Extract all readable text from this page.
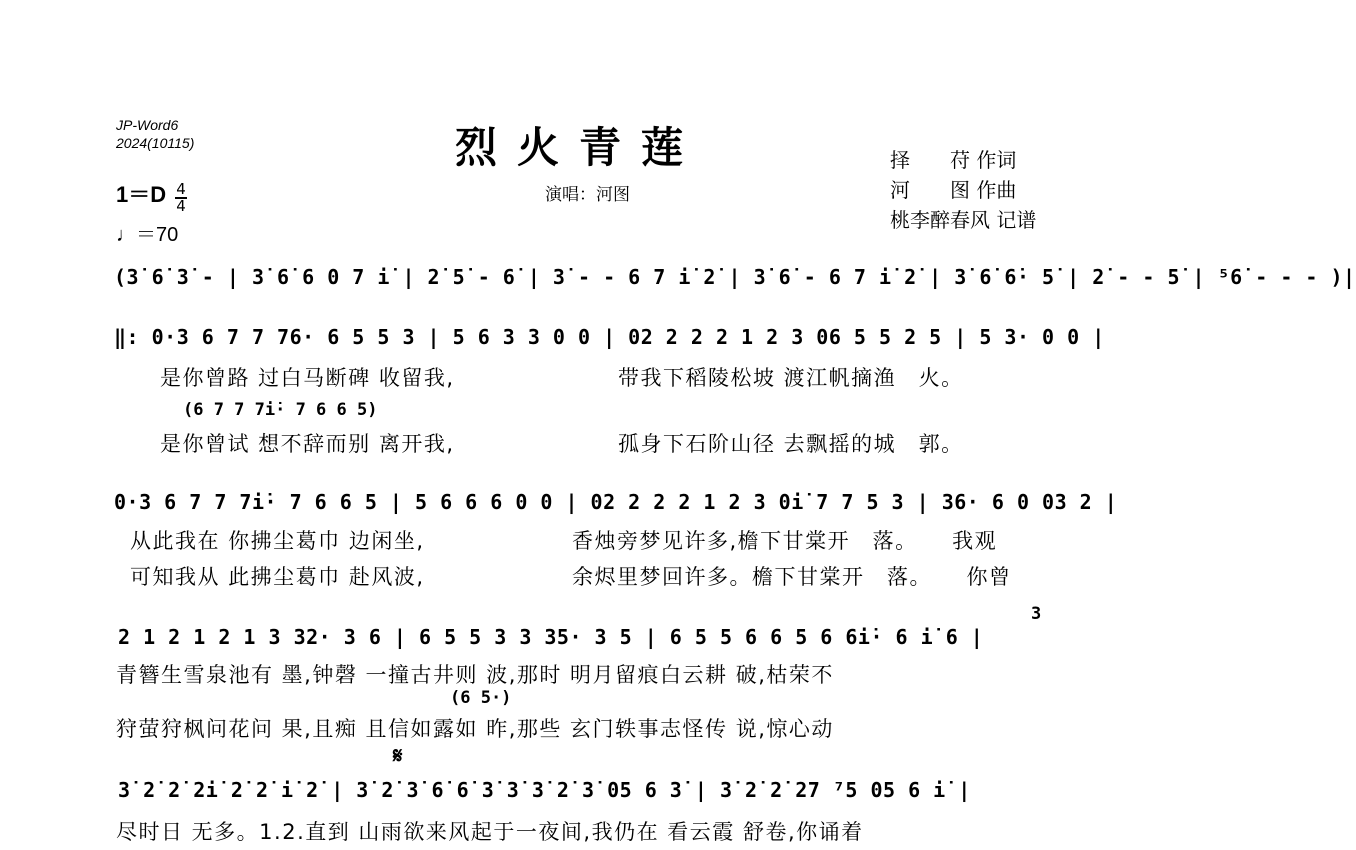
JP-Word6
2024(10115)	烈火青莲
演唱：河图
择　　苻 作词
河　　图 作曲
桃李醉春风 记谱
$1=D \frac{4}{4}$
♩＝70
(3̇ 6̇ 3̇ - | 3̇ 6̇ 6 0 7 i̇ | 2̇ 5̇ - 6̇ | 3̇ - - 6 7 i̇ 2̇ | 3̇ 6̇ - 6 7 i̇ 2̇ | 3̇ 6̇ 6̇· 5̇ | 2̇ - - 5̇ | ⁵6̇ - - - )|
‖: 0·3 6 7 7 76· 6 5 5 3 | 5 6 3 3 0 0 | 02 2 2 2 1 2 3 06 5 5 2 5 | 5 3· 0 0 |
是你曾路 过白马断碑 收留我,	带我下稻陵松坡 渡江帆摘渔　火。
(6 7 7 7i̇· 7 6 6 5)
是你曾试 想不辞而别 离开我,	孤身下石阶山径 去飘摇的城　郭。
0·3 6 7 7 7i̇· 7 6 6 5 | 5 6 6 6 0 0 | 02 2 2 2 1 2 3 0i̇ 7 7 5 3 | 36· 6 0 03 2 |
从此我在 你拂尘葛巾 边闲坐,	香烛旁梦见许多,檐下甘棠开　落。　　我观
可知我从 此拂尘葛巾 赴风波,	余烬里梦回许多。檐下甘棠开　落。　　你曾
3
2 1 2 1 2 1 3 32· 3 6 | 6 5 5 3 3 35· 3 5 | 6 5 5 6 6 5 6 6i̇· 6 i̇ 6 |
青簪生雪泉池有 墨,钟磬 一撞古井则 波,那时 明月留痕白云耕 破,枯荣不
(6 5·)
狩萤狩枫问花问 果,且痴 且信如露如 昨,那些 玄门轶事志怪传 说,惊心动
𝄋
3̇ 2̇ 2̇ 2i̇ 2̇ 2̇ i̇ 2̇ | 3̇ 2̇ 3̇ 6̇ 6̇ 3̇ 3̇ 3̇ 2̇ 3̇ 05 6 3̇ | 3̇ 2̇ 2̇ 27 ⁷5 05 6 i̇ |
尽时日 无多。1.2.直到 山雨欲来风起于一夜间,我仍在 看云霞 舒卷,你诵着
